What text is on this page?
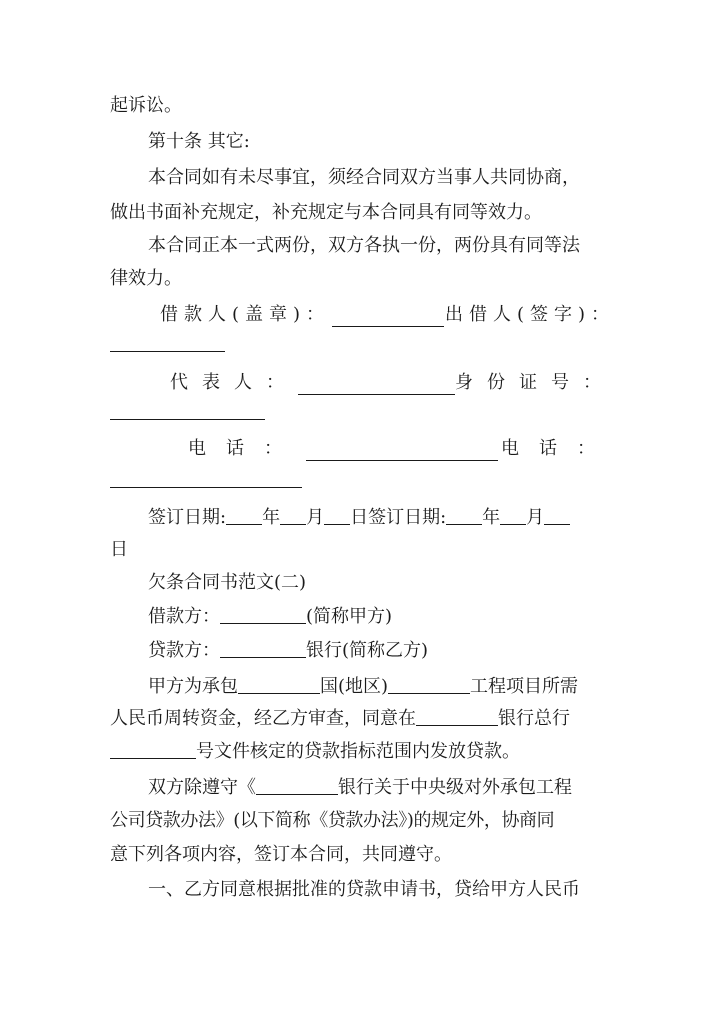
起诉讼。
第十条 其它:
本合同如有未尽事宜，须经合同双方当事人共同协商，
做出书面补充规定，补充规定与本合同具有同等效力。
本合同正本一式两份，双方各执一份，两份具有同等法
律效力。
借款人(盖章)：	出借人(签字)：
代表人：	身份证号：
电话：	电话：
签订日期: 年 月 日签订日期: 年 月
日
欠条合同书范文(二)
借款方：	(简称甲方)
贷款方：	银行(简称乙方)
甲方为承包	国(地区)	工程项目所需
人民币周转资金，经乙方审查，同意在	银行总行
号文件核定的贷款指标范围内发放贷款。
双方除遵守《	银行关于中央级对外承包工程
公司贷款办法》(以下简称《贷款办法》)的规定外，协商同
意下列各项内容，签订本合同，共同遵守。
一、乙方同意根据批准的贷款申请书，贷给甲方人民币
